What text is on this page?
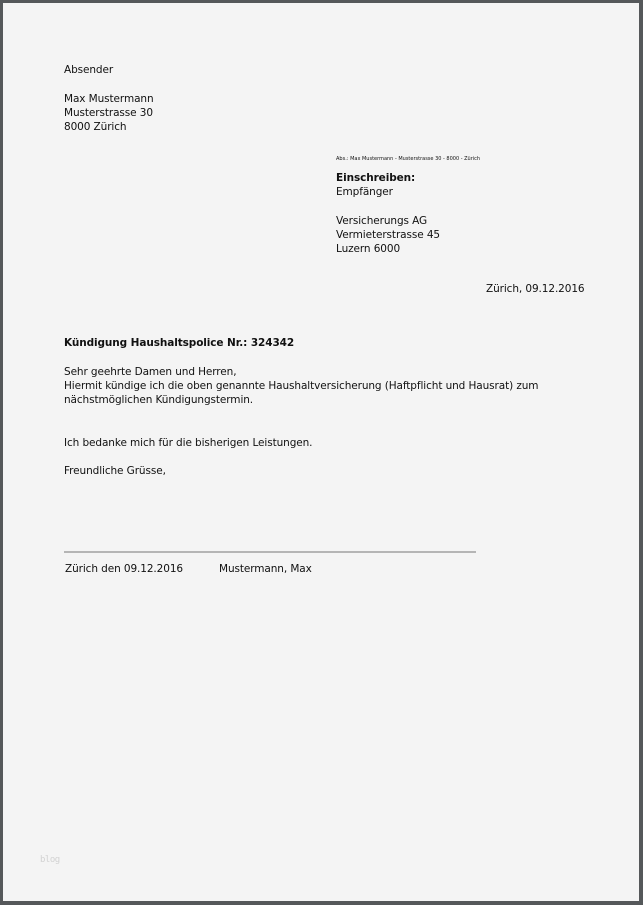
Absender
Max Mustermann
Musterstrasse 30
8000 Zürich
Abs.: Max Mustermann - Musterstrasse 30 - 8000 - Zürich
Einschreiben:
Empfänger
Versicherungs AG
Vermieterstrasse 45
Luzern 6000
Zürich, 09.12.2016
Kündigung Haushaltspolice Nr.: 324342
Sehr geehrte Damen und Herren,
Hiermit kündige ich die oben genannte Haushaltversicherung (Haftpflicht und Hausrat) zum
nächstmöglichen Kündigungstermin.
Ich bedanke mich für die bisherigen Leistungen.
Freundliche Grüsse,
Zürich den 09.12.2016	Mustermann, Max
blog
